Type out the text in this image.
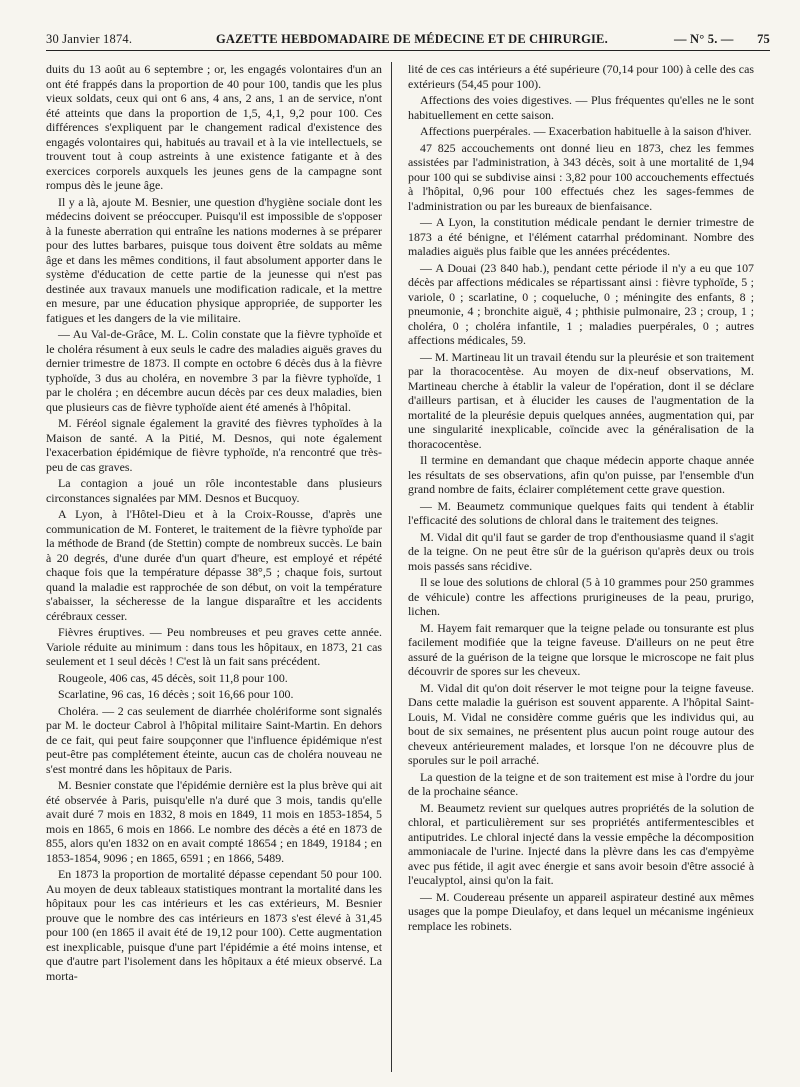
30 Janvier 1874.	GAZETTE HEBDOMADAIRE DE MÉDECINE ET DE CHIRURGIE.	— N° 5. — 75

duits du 13 août au 6 septembre ; or, les engagés volontaires d'un an ont été frappés dans la proportion de 40 pour 100, tandis que les plus vieux soldats, ceux qui ont 6 ans, 4 ans, 2 ans, 1 an de service, n'ont été atteints que dans la proportion de 1,5, 4,1, 9,2 pour 100. Ces différences s'expliquent par le changement radical d'existence des engagés volontaires qui, habitués au travail et à la vie intellectuels, se trouvent tout à coup astreints à une existence fatigante et à des exercices corporels auxquels les jeunes gens de la campagne sont rompus dès le jeune âge.

Il y a là, ajoute M. Besnier, une question d'hygiène sociale dont les médecins doivent se préoccuper. Puisqu'il est impossible de s'opposer à la funeste aberration qui entraîne les nations modernes à se préparer pour des luttes barbares, puisque tous doivent être soldats au même âge et dans les mêmes conditions, il faut absolument apporter dans le système d'éducation de cette partie de la jeunesse qui n'est pas destinée aux travaux manuels une modification radicale, et la mettre en mesure, par une éducation physique appropriée, de supporter les fatigues et les dangers de la vie militaire.

— Au Val-de-Grâce, M. L. Colin constate que la fièvre typhoïde et le choléra résument à eux seuls le cadre des maladies aiguës graves du dernier trimestre de 1873. Il compte en octobre 6 décès dus à la fièvre typhoïde, 3 dus au choléra, en novembre 3 par la fièvre typhoïde, 1 par le choléra ; en décembre aucun décès par ces deux maladies, bien que plusieurs cas de fièvre typhoïde aient été amenés à l'hôpital.

M. Féréol signale également la gravité des fièvres typhoïdes à la Maison de santé. A la Pitié, M. Desnos, qui note également l'exacerbation épidémique de fièvre typhoïde, n'a rencontré que très-peu de cas graves.

La contagion a joué un rôle incontestable dans plusieurs circonstances signalées par MM. Desnos et Bucquoy.

A Lyon, à l'Hôtel-Dieu et à la Croix-Rousse, d'après une communication de M. Fonteret, le traitement de la fièvre typhoïde par la méthode de Brand (de Stettin) compte de nombreux succès. Le bain à 20 degrés, d'une durée d'un quart d'heure, est employé et répété chaque fois que la température dépasse 38°,5 ; chaque fois, surtout quand la maladie est rapprochée de son début, on voit la température s'abaisser, la sécheresse de la langue disparaître et les accidents cérébraux cesser.

Fièvres éruptives. — Peu nombreuses et peu graves cette année. Variole réduite au minimum : dans tous les hôpitaux, en 1873, 21 cas seulement et 1 seul décès ! C'est là un fait sans précédent.

Rougeole, 406 cas, 45 décès, soit 11,8 pour 100.

Scarlatine, 96 cas, 16 décès ; soit 16,66 pour 100.

Choléra. — 2 cas seulement de diarrhée cholériforme sont signalés par M. le docteur Cabrol à l'hôpital militaire Saint-Martin. En dehors de ce fait, qui peut faire soupçonner que l'influence épidémique n'est peut-être pas complétement éteinte, aucun cas de choléra nouveau ne s'est montré dans les hôpitaux de Paris.

M. Besnier constate que l'épidémie dernière est la plus brève qui ait été observée à Paris, puisqu'elle n'a duré que 3 mois, tandis qu'elle avait duré 7 mois en 1832, 8 mois en 1849, 11 mois en 1853-1854, 5 mois en 1865, 6 mois en 1866. Le nombre des décès a été en 1873 de 855, alors qu'en 1832 on en avait compté 18654 ; en 1849, 19184 ; en 1853-1854, 9096 ; en 1865, 6591 ; en 1866, 5489.

En 1873 la proportion de mortalité dépasse cependant 50 pour 100. Au moyen de deux tableaux statistiques montrant la mortalité dans les hôpitaux pour les cas intérieurs et les cas extérieurs, M. Besnier prouve que le nombre des cas intérieurs en 1873 s'est élevé à 31,45 pour 100 (en 1865 il avait été de 19,12 pour 100). Cette augmentation est inexplicable, puisque d'une part l'épidémie a été moins intense, et que d'autre part l'isolement dans les hôpitaux a été mieux observé. La morta-

lité de ces cas intérieurs a été supérieure (70,14 pour 100) à celle des cas extérieurs (54,45 pour 100).

Affections des voies digestives. — Plus fréquentes qu'elles ne le sont habituellement en cette saison.

Affections puerpérales. — Exacerbation habituelle à la saison d'hiver.

47 825 accouchements ont donné lieu en 1873, chez les femmes assistées par l'administration, à 343 décès, soit à une mortalité de 1,94 pour 100 qui se subdivise ainsi : 3,82 pour 100 accouchements effectués à l'hôpital, 0,96 pour 100 effectués chez les sages-femmes de l'administration ou par les bureaux de bienfaisance.

— A Lyon, la constitution médicale pendant le dernier trimestre de 1873 a été bénigne, et l'élément catarrhal prédominant. Nombre des maladies aiguës plus faible que les années précédentes.

— A Douai (23 840 hab.), pendant cette période il n'y a eu que 107 décès par affections médicales se répartissant ainsi : fièvre typhoïde, 5 ; variole, 0 ; scarlatine, 0 ; coqueluche, 0 ; méningite des enfants, 8 ; pneumonie, 4 ; bronchite aiguë, 4 ; phthisie pulmonaire, 23 ; croup, 1 ; choléra, 0 ; choléra infantile, 1 ; maladies puerpérales, 0 ; autres affections médicales, 59.

— M. Martineau lit un travail étendu sur la pleurésie et son traitement par la thoracocentèse. Au moyen de dix-neuf observations, M. Martineau cherche à établir la valeur de l'opération, dont il se déclare d'ailleurs partisan, et à élucider les causes de l'augmentation de la mortalité de la pleurésie depuis quelques années, augmentation qui, par une singularité inexplicable, coïncide avec la généralisation de la thoracocentèse.

Il termine en demandant que chaque médecin apporte chaque année les résultats de ses observations, afin qu'on puisse, par l'ensemble d'un grand nombre de faits, éclairer complétement cette grave question.

— M. Beaumetz communique quelques faits qui tendent à établir l'efficacité des solutions de chloral dans le traitement des teignes.

M. Vidal dit qu'il faut se garder de trop d'enthousiasme quand il s'agit de la teigne. On ne peut être sûr de la guérison qu'après deux ou trois mois passés sans récidive.

Il se loue des solutions de chloral (5 à 10 grammes pour 250 grammes de véhicule) contre les affections prurigineuses de la peau, prurigo, lichen.

M. Hayem fait remarquer que la teigne pelade ou tonsurante est plus facilement modifiée que la teigne faveuse. D'ailleurs on ne peut être assuré de la guérison de la teigne que lorsque le microscope ne fait plus découvrir de spores sur les cheveux.

M. Vidal dit qu'on doit réserver le mot teigne pour la teigne faveuse. Dans cette maladie la guérison est souvent apparente. A l'hôpital Saint-Louis, M. Vidal ne considère comme guéris que les individus qui, au bout de six semaines, ne présentent plus aucun point rouge autour des cheveux antérieurement malades, et lorsque l'on ne découvre plus de sporules sur le poil arraché.

La question de la teigne et de son traitement est mise à l'ordre du jour de la prochaine séance.

M. Beaumetz revient sur quelques autres propriétés de la solution de chloral, et particulièrement sur ses propriétés antifermentescibles et antiputrides. Le chloral injecté dans la vessie empêche la décomposition ammoniacale de l'urine. Injecté dans la plèvre dans les cas d'empyème avec pus fétide, il agit avec énergie et sans avoir besoin d'être associé à l'eucalyptol, ainsi qu'on la fait.

— M. Coudereau présente un appareil aspirateur destiné aux mêmes usages que la pompe Dieulafoy, et dans lequel un mécanisme ingénieux remplace les robinets.
